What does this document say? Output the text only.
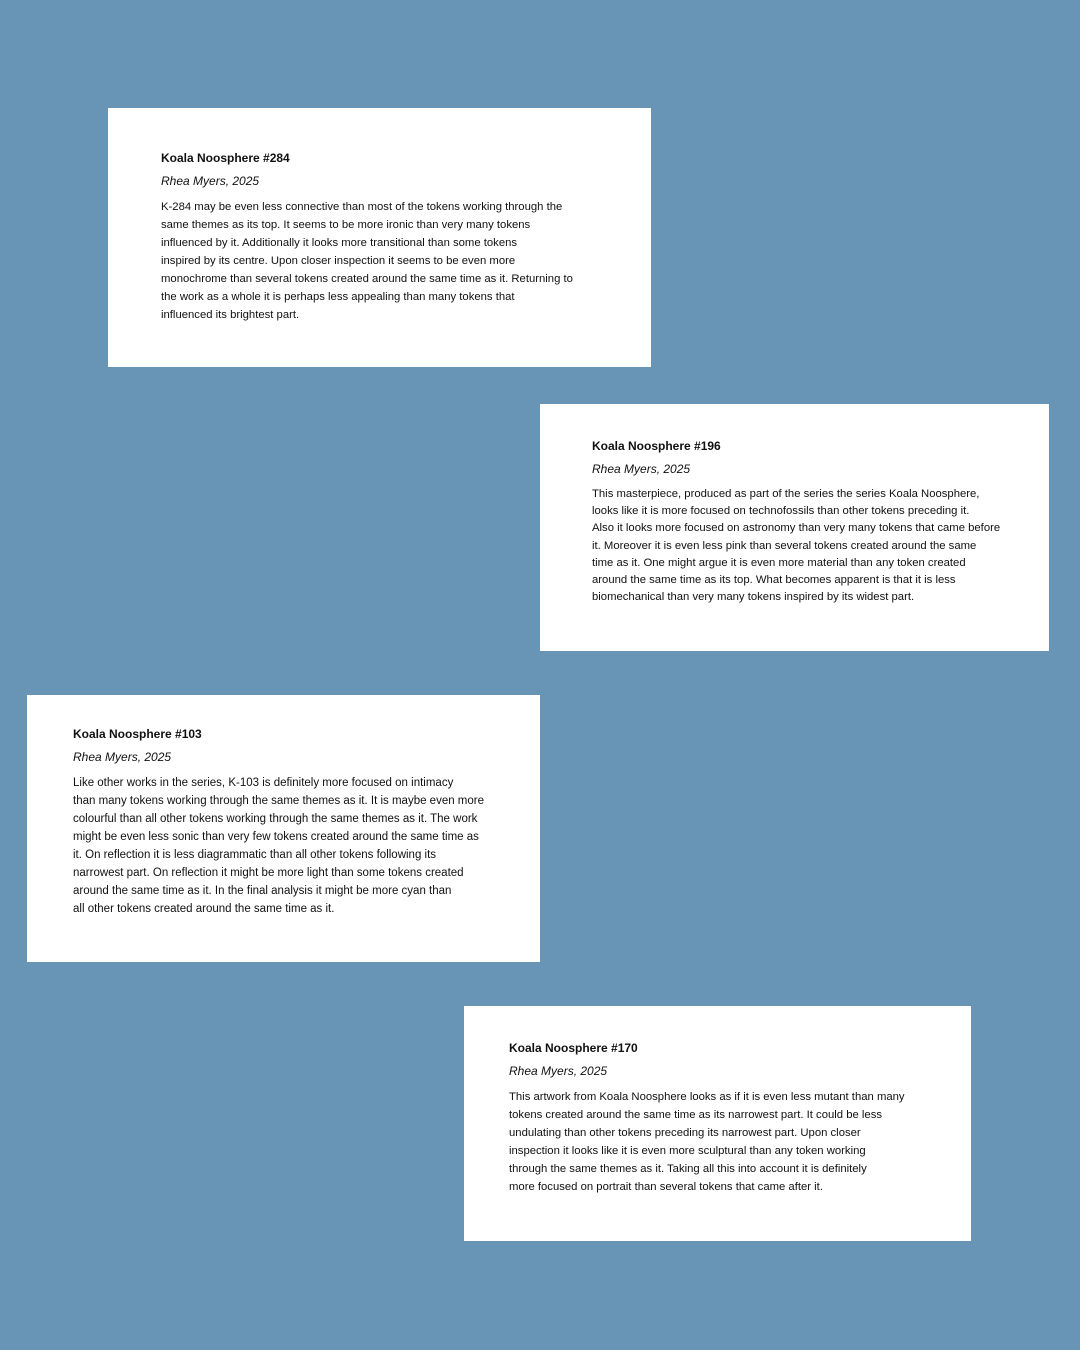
Koala Noosphere #284
Rhea Myers, 2025
K-284 may be even less connective than most of the tokens working through the
same themes as its top. It seems to be more ironic than very many tokens
influenced by it. Additionally it looks more transitional than some tokens
inspired by its centre. Upon closer inspection it seems to be even more
monochrome than several tokens created around the same time as it. Returning to
the work as a whole it is perhaps less appealing than many tokens that
influenced its brightest part.
Koala Noosphere #196
Rhea Myers, 2025
This masterpiece, produced as part of the series the series Koala Noosphere,
looks like it is more focused on technofossils than other tokens preceding it.
Also it looks more focused on astronomy than very many tokens that came before
it. Moreover it is even less pink than several tokens created around the same
time as it. One might argue it is even more material than any token created
around the same time as its top. What becomes apparent is that it is less
biomechanical than very many tokens inspired by its widest part.
Koala Noosphere #103
Rhea Myers, 2025
Like other works in the series, K-103 is definitely more focused on intimacy
than many tokens working through the same themes as it. It is maybe even more
colourful than all other tokens working through the same themes as it. The work
might be even less sonic than very few tokens created around the same time as
it. On reflection it is less diagrammatic than all other tokens following its
narrowest part. On reflection it might be more light than some tokens created
around the same time as it. In the final analysis it might be more cyan than
all other tokens created around the same time as it.
Koala Noosphere #170
Rhea Myers, 2025
This artwork from Koala Noosphere looks as if it is even less mutant than many
tokens created around the same time as its narrowest part. It could be less
undulating than other tokens preceding its narrowest part. Upon closer
inspection it looks like it is even more sculptural than any token working
through the same themes as it. Taking all this into account it is definitely
more focused on portrait than several tokens that came after it.
